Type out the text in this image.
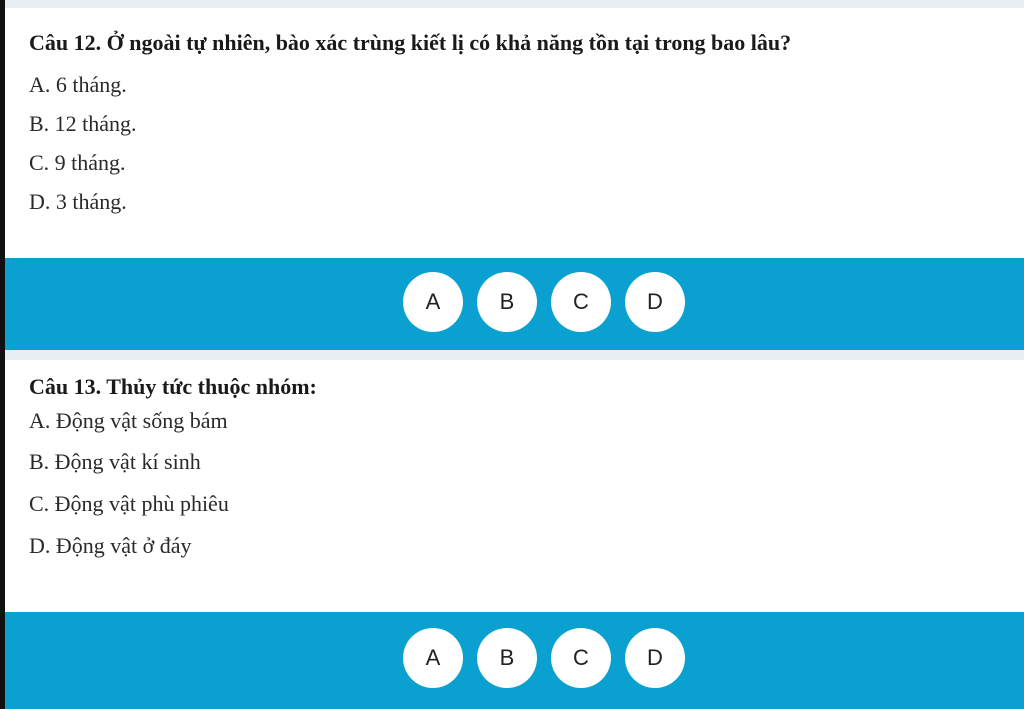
Câu 12. Ở ngoài tự nhiên, bào xác trùng kiết lị có khả năng tồn tại trong bao lâu?

A. 6 tháng.
B. 12 tháng.
C. 9 tháng.
D. 3 tháng.
A	B	C	D

Câu 13. Thủy tức thuộc nhóm:

A. Động vật sống bám
B. Động vật kí sinh
C. Động vật phù phiêu
D. Động vật ở đáy
A	B	C	D
